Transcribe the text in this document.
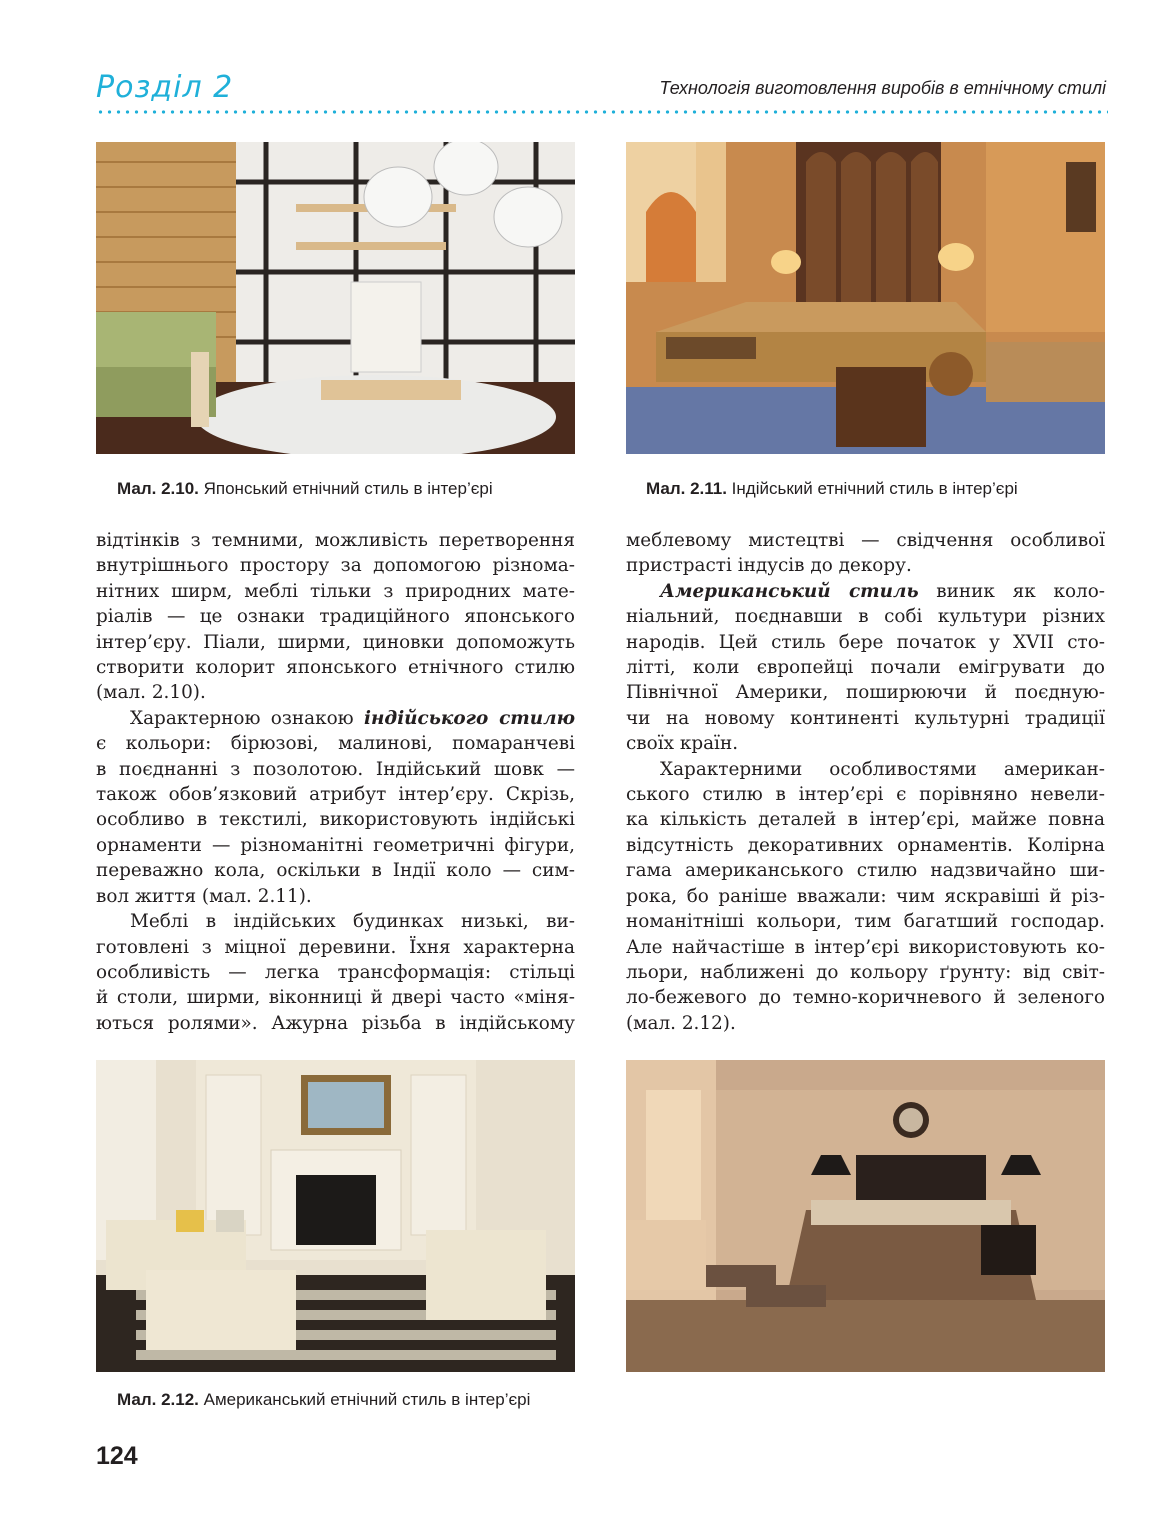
Розділ 2	Технологія виготовлення виробів в етнічному стилі
Мал. 2.10. Японський етнічний стиль в інтер’єрі	Мал. 2.11. Індійський етнічний стиль в інтер’єрі
відтінків з темними, можливість перетворення
внутрішнього простору за допомогою різнома-
нітних ширм, меблі тільки з природних мате-
ріалів — це ознаки традиційного японського
інтер’єру. Піали, ширми, циновки допоможуть
створити колорит японського етнічного стилю
(мал. 2.10).
Характерною ознакою індійського стилю
є кольори: бірюзові, малинові, помаранчеві
в поєднанні з позолотою. Індійський шовк —
також обов’язковий атрибут інтер’єру. Скрізь,
особливо в текстилі, використовують індійські
орнаменти — різноманітні геометричні фігури,
переважно кола, оскільки в Індії коло — сим-
вол життя (мал. 2.11).
Меблі в індійських будинках низькі, ви-
готовлені з міцної деревини. Їхня характерна
особливість — легка трансформація: стільці
й столи, ширми, віконниці й двері часто «міня-
ються ролями». Ажурна різьба в індійському
меблевому мистецтві — свідчення особливої
пристрасті індусів до декору.
Американський стиль виник як коло-
ніальний, поєднавши в собі культури різних
народів. Цей стиль бере початок у XVII сто-
літті, коли європейці почали емігрувати до
Північної Америки, поширюючи й поєдную-
чи на новому континенті культурні традиції
своїх країн.
Характерними особливостями американ-
ського стилю в інтер’єрі є порівняно невели-
ка кількість деталей в інтер’єрі, майже повна
відсутність декоративних орнаментів. Колірна
гама американського стилю надзвичайно ши-
рока, бо раніше вважали: чим яскравіші й різ-
номанітніші кольори, тим багатший господар.
Але найчастіше в інтер’єрі використовують ко-
льори, наближені до кольору ґрунту: від світ-
ло-бежевого до темно-коричневого й зеленого
(мал. 2.12).
Мал. 2.12. Американський етнічний стиль в інтер’єрі
124
